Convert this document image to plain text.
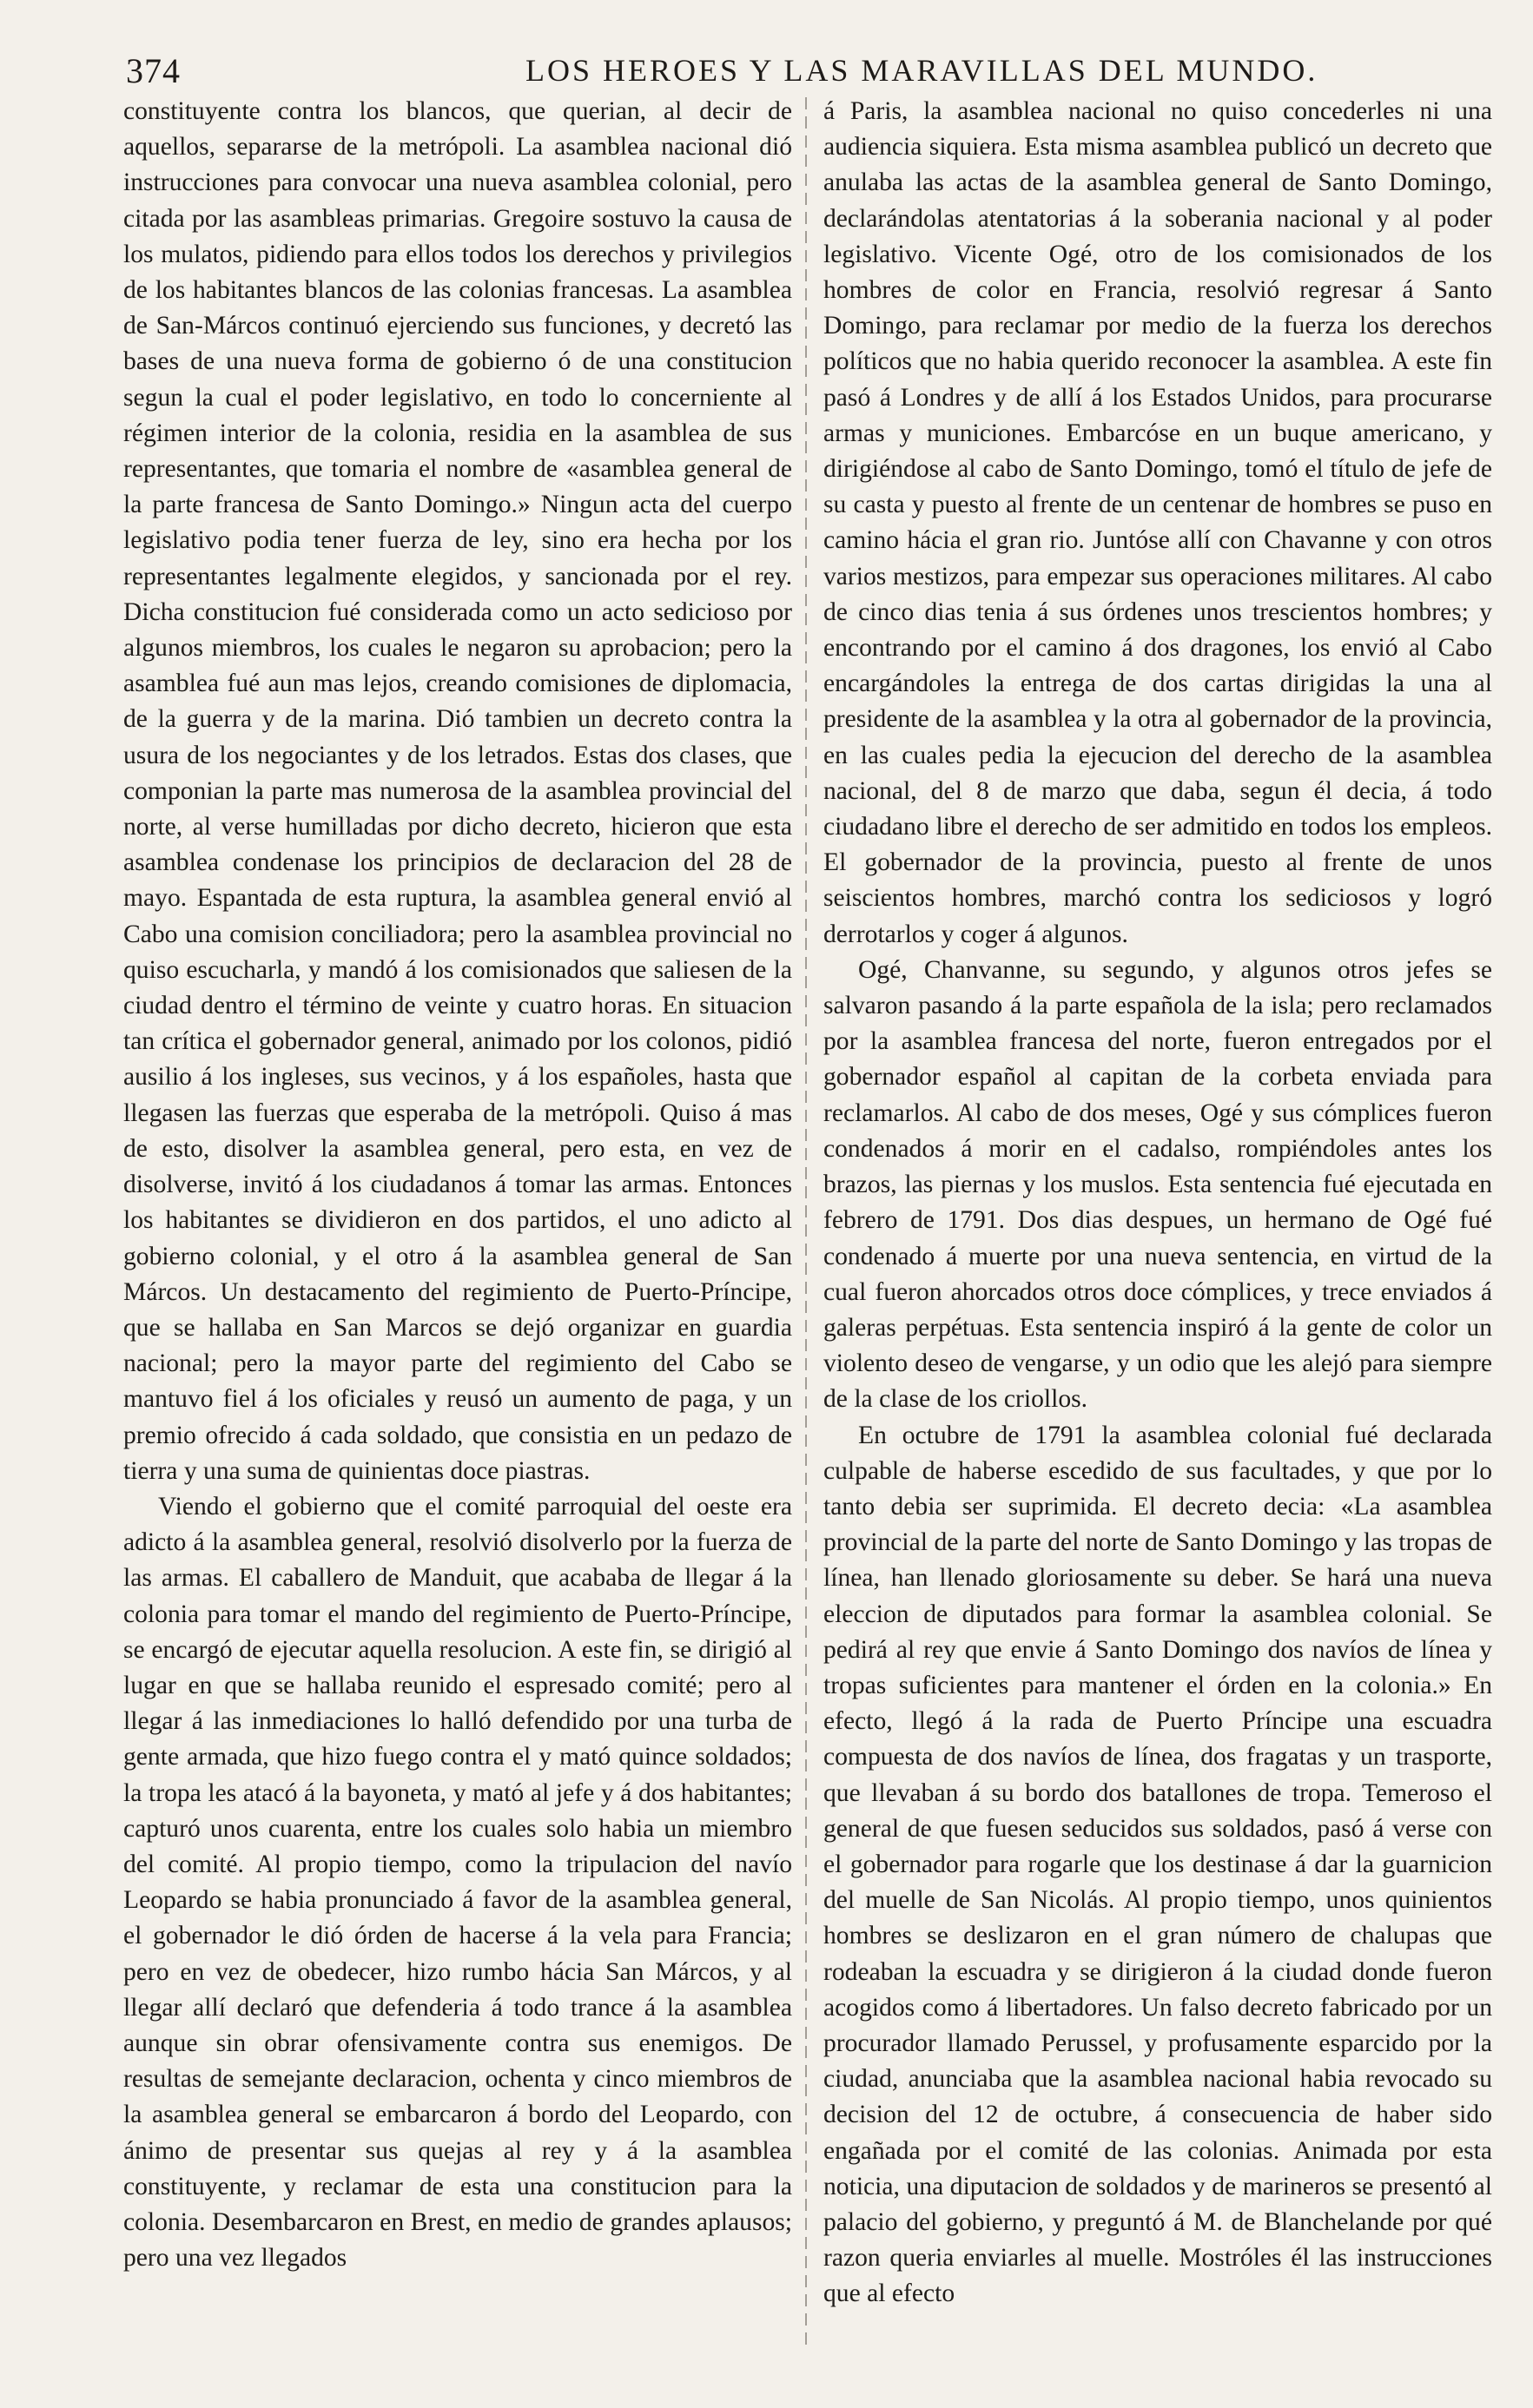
374	LOS HEROES Y LAS MARAVILLAS DEL MUNDO.

constituyente contra los blancos, que querian, al decir de aquellos, separarse de la metrópoli. La asamblea nacional dió instrucciones para convocar una nueva asamblea colonial, pero citada por las asambleas primarias. Gregoire sostuvo la causa de los mulatos, pidiendo para ellos todos los derechos y privilegios de los habitantes blancos de las colonias francesas. La asamblea de San-Márcos continuó ejerciendo sus funciones, y decretó las bases de una nueva forma de gobierno ó de una constitucion segun la cual el poder legislativo, en todo lo concerniente al régimen interior de la colonia, residia en la asamblea de sus representantes, que tomaria el nombre de «asamblea general de la parte francesa de Santo Domingo.» Ningun acta del cuerpo legislativo podia tener fuerza de ley, sino era hecha por los representantes legalmente elegidos, y sancionada por el rey. Dicha constitucion fué considerada como un acto sedicioso por algunos miembros, los cuales le negaron su aprobacion; pero la asamblea fué aun mas lejos, creando comisiones de diplomacia, de la guerra y de la marina. Dió tambien un decreto contra la usura de los negociantes y de los letrados. Estas dos clases, que componian la parte mas numerosa de la asamblea provincial del norte, al verse humilladas por dicho decreto, hicieron que esta asamblea condenase los principios de declaracion del 28 de mayo. Espantada de esta ruptura, la asamblea general envió al Cabo una comision conciliadora; pero la asamblea provincial no quiso escucharla, y mandó á los comisionados que saliesen de la ciudad dentro el término de veinte y cuatro horas. En situacion tan crítica el gobernador general, animado por los colonos, pidió ausilio á los ingleses, sus vecinos, y á los españoles, hasta que llegasen las fuerzas que esperaba de la metrópoli. Quiso á mas de esto, disolver la asamblea general, pero esta, en vez de disolverse, invitó á los ciudadanos á tomar las armas. Entonces los habitantes se dividieron en dos partidos, el uno adicto al gobierno colonial, y el otro á la asamblea general de San Márcos. Un destacamento del regimiento de Puerto-Príncipe, que se hallaba en San Marcos se dejó organizar en guardia nacional; pero la mayor parte del regimiento del Cabo se mantuvo fiel á los oficiales y reusó un aumento de paga, y un premio ofrecido á cada soldado, que consistia en un pedazo de tierra y una suma de quinientas doce piastras.

Viendo el gobierno que el comité parroquial del oeste era adicto á la asamblea general, resolvió disolverlo por la fuerza de las armas. El caballero de Manduit, que acababa de llegar á la colonia para tomar el mando del regimiento de Puerto-Príncipe, se encargó de ejecutar aquella resolucion. A este fin, se dirigió al lugar en que se hallaba reunido el espresado comité; pero al llegar á las inmediaciones lo halló defendido por una turba de gente armada, que hizo fuego contra el y mató quince soldados; la tropa les atacó á la bayoneta, y mató al jefe y á dos habitantes; capturó unos cuarenta, entre los cuales solo habia un miembro del comité. Al propio tiempo, como la tripulacion del navío Leopardo se habia pronunciado á favor de la asamblea general, el gobernador le dió órden de hacerse á la vela para Francia; pero en vez de obedecer, hizo rumbo hácia San Márcos, y al llegar allí declaró que defenderia á todo trance á la asamblea aunque sin obrar ofensivamente contra sus enemigos. De resultas de semejante declaracion, ochenta y cinco miembros de la asamblea general se embarcaron á bordo del Leopardo, con ánimo de presentar sus quejas al rey y á la asamblea constituyente, y reclamar de esta una constitucion para la colonia. Desembarcaron en Brest, en medio de grandes aplausos; pero una vez llegados

á Paris, la asamblea nacional no quiso concederles ni una audiencia siquiera. Esta misma asamblea publicó un decreto que anulaba las actas de la asamblea general de Santo Domingo, declarándolas atentatorias á la soberania nacional y al poder legislativo. Vicente Ogé, otro de los comisionados de los hombres de color en Francia, resolvió regresar á Santo Domingo, para reclamar por medio de la fuerza los derechos políticos que no habia querido reconocer la asamblea. A este fin pasó á Londres y de allí á los Estados Unidos, para procurarse armas y municiones. Embarcóse en un buque americano, y dirigiéndose al cabo de Santo Domingo, tomó el título de jefe de su casta y puesto al frente de un centenar de hombres se puso en camino hácia el gran rio. Juntóse allí con Chavanne y con otros varios mestizos, para empezar sus operaciones militares. Al cabo de cinco dias tenia á sus órdenes unos trescientos hombres; y encontrando por el camino á dos dragones, los envió al Cabo encargándoles la entrega de dos cartas dirigidas la una al presidente de la asamblea y la otra al gobernador de la provincia, en las cuales pedia la ejecucion del derecho de la asamblea nacional, del 8 de marzo que daba, segun él decia, á todo ciudadano libre el derecho de ser admitido en todos los empleos. El gobernador de la provincia, puesto al frente de unos seiscientos hombres, marchó contra los sediciosos y logró derrotarlos y coger á algunos.

Ogé, Chanvanne, su segundo, y algunos otros jefes se salvaron pasando á la parte española de la isla; pero reclamados por la asamblea francesa del norte, fueron entregados por el gobernador español al capitan de la corbeta enviada para reclamarlos. Al cabo de dos meses, Ogé y sus cómplices fueron condenados á morir en el cadalso, rompiéndoles antes los brazos, las piernas y los muslos. Esta sentencia fué ejecutada en febrero de 1791. Dos dias despues, un hermano de Ogé fué condenado á muerte por una nueva sentencia, en virtud de la cual fueron ahorcados otros doce cómplices, y trece enviados á galeras perpétuas. Esta sentencia inspiró á la gente de color un violento deseo de vengarse, y un odio que les alejó para siempre de la clase de los criollos.

En octubre de 1791 la asamblea colonial fué declarada culpable de haberse escedido de sus facultades, y que por lo tanto debia ser suprimida. El decreto decia: «La asamblea provincial de la parte del norte de Santo Domingo y las tropas de línea, han llenado gloriosamente su deber. Se hará una nueva eleccion de diputados para formar la asamblea colonial. Se pedirá al rey que envie á Santo Domingo dos navíos de línea y tropas suficientes para mantener el órden en la colonia.» En efecto, llegó á la rada de Puerto Príncipe una escuadra compuesta de dos navíos de línea, dos fragatas y un trasporte, que llevaban á su bordo dos batallones de tropa. Temeroso el general de que fuesen seducidos sus soldados, pasó á verse con el gobernador para rogarle que los destinase á dar la guarnicion del muelle de San Nicolás. Al propio tiempo, unos quinientos hombres se deslizaron en el gran número de chalupas que rodeaban la escuadra y se dirigieron á la ciudad donde fueron acogidos como á libertadores. Un falso decreto fabricado por un procurador llamado Perussel, y profusamente esparcido por la ciudad, anunciaba que la asamblea nacional habia revocado su decision del 12 de octubre, á consecuencia de haber sido engañada por el comité de las colonias. Animada por esta noticia, una diputacion de soldados y de marineros se presentó al palacio del gobierno, y preguntó á M. de Blanchelande por qué razon queria enviarles al muelle. Mostróles él las instrucciones que al efecto
